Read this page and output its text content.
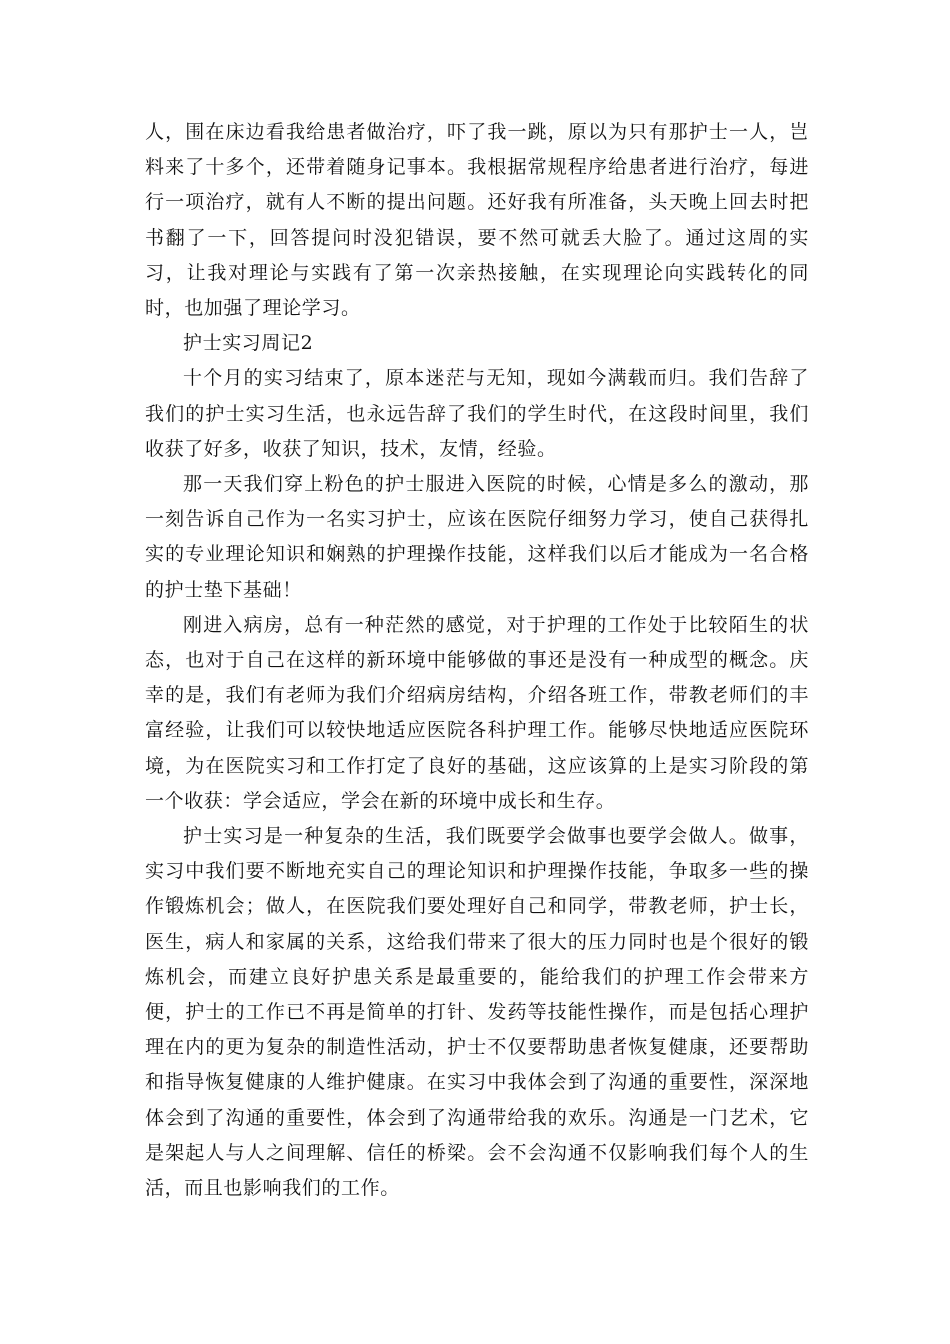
人，围在床边看我给患者做治疗，吓了我一跳，原以为只有那护士一人，岂料来了十多个，还带着随身记事本。我根据常规程序给患者进行治疗，每进行一项治疗，就有人不断的提出问题。还好我有所准备，头天晚上回去时把书翻了一下，回答提问时没犯错误，要不然可就丢大脸了。通过这周的实习，让我对理论与实践有了第一次亲热接触，在实现理论向实践转化的同时，也加强了理论学习。

护士实习周记2

十个月的实习结束了，原本迷茫与无知，现如今满载而归。我们告辞了我们的护士实习生活，也永远告辞了我们的学生时代，在这段时间里，我们收获了好多，收获了知识，技术，友情，经验。

那一天我们穿上粉色的护士服进入医院的时候，心情是多么的激动，那一刻告诉自己作为一名实习护士，应该在医院仔细努力学习，使自己获得扎实的专业理论知识和娴熟的护理操作技能，这样我们以后才能成为一名合格的护士垫下基础！

刚进入病房，总有一种茫然的感觉，对于护理的工作处于比较陌生的状态，也对于自己在这样的新环境中能够做的事还是没有一种成型的概念。庆幸的是，我们有老师为我们介绍病房结构，介绍各班工作，带教老师们的丰富经验，让我们可以较快地适应医院各科护理工作。能够尽快地适应医院环境，为在医院实习和工作打定了良好的基础，这应该算的上是实习阶段的第一个收获：学会适应，学会在新的环境中成长和生存。

护士实习是一种复杂的生活，我们既要学会做事也要学会做人。做事，实习中我们要不断地充实自己的理论知识和护理操作技能，争取多一些的操作锻炼机会；做人，在医院我们要处理好自己和同学，带教老师，护士长，医生，病人和家属的关系，这给我们带来了很大的压力同时也是个很好的锻炼机会，而建立良好护患关系是最重要的，能给我们的护理工作会带来方便，护士的工作已不再是简单的打针、发药等技能性操作，而是包括心理护理在内的更为复杂的制造性活动，护士不仅要帮助患者恢复健康，还要帮助和指导恢复健康的人维护健康。在实习中我体会到了沟通的重要性，深深地体会到了沟通的重要性，体会到了沟通带给我的欢乐。沟通是一门艺术，它是架起人与人之间理解、信任的桥梁。会不会沟通不仅影响我们每个人的生活，而且也影响我们的工作。
